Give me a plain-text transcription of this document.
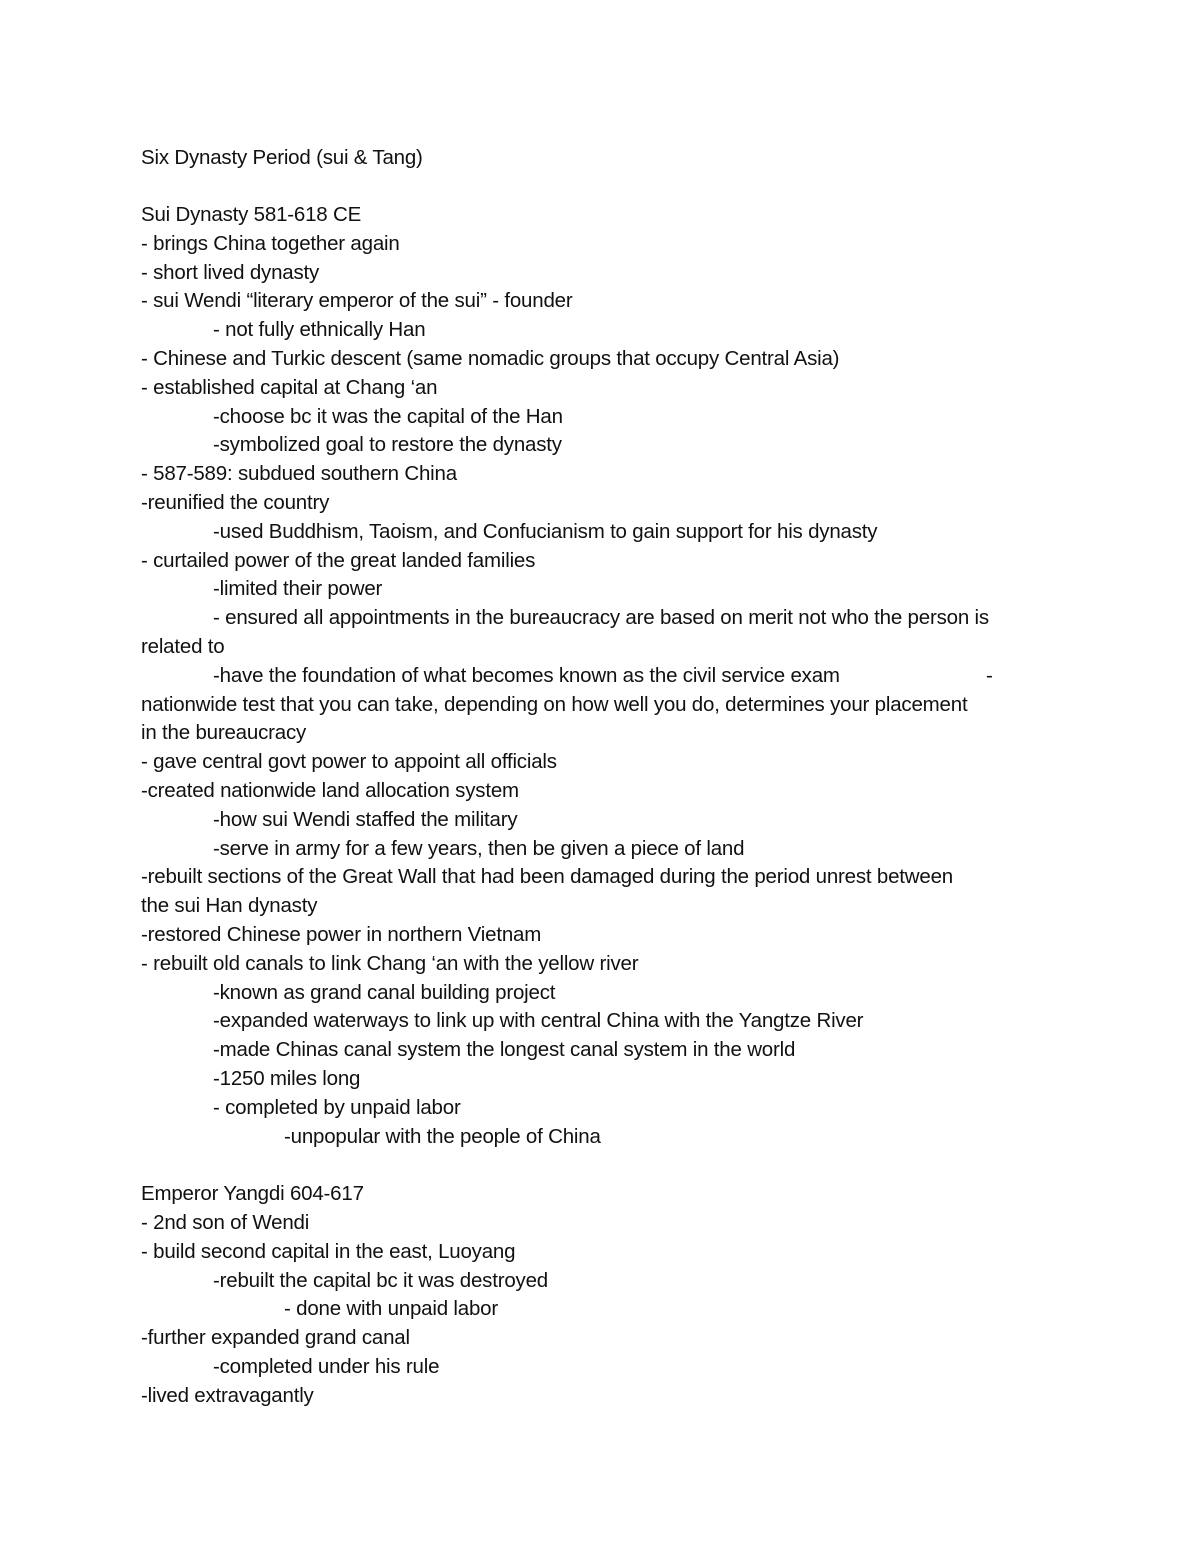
Six Dynasty Period (sui & Tang)
Sui Dynasty 581-618 CE
- brings China together again
- short lived dynasty
- sui Wendi “literary emperor of the sui” - founder
- not fully ethnically Han
- Chinese and Turkic descent (same nomadic groups that occupy Central Asia)
- established capital at Chang ‘an
-choose bc it was the capital of the Han
-symbolized goal to restore the dynasty
- 587-589: subdued southern China
-reunified the country
-used Buddhism, Taoism, and Confucianism to gain support for his dynasty
- curtailed power of the great landed families
-limited their power
- ensured all appointments in the bureaucracy are based on merit not who the person is
related to
-have the foundation of what becomes known as the civil service exam	-
nationwide test that you can take, depending on how well you do, determines your placement
in the bureaucracy
- gave central govt power to appoint all officials
-created nationwide land allocation system
-how sui Wendi staffed the military
-serve in army for a few years, then be given a piece of land
-rebuilt sections of the Great Wall that had been damaged during the period unrest between
the sui Han dynasty
-restored Chinese power in northern Vietnam
- rebuilt old canals to link Chang ‘an with the yellow river
-known as grand canal building project
-expanded waterways to link up with central China with the Yangtze River
-made Chinas canal system the longest canal system in the world
-1250 miles long
- completed by unpaid labor
-unpopular with the people of China
Emperor Yangdi 604-617
- 2nd son of Wendi
- build second capital in the east, Luoyang
-rebuilt the capital bc it was destroyed
- done with unpaid labor
-further expanded grand canal
-completed under his rule
-lived extravagantly
